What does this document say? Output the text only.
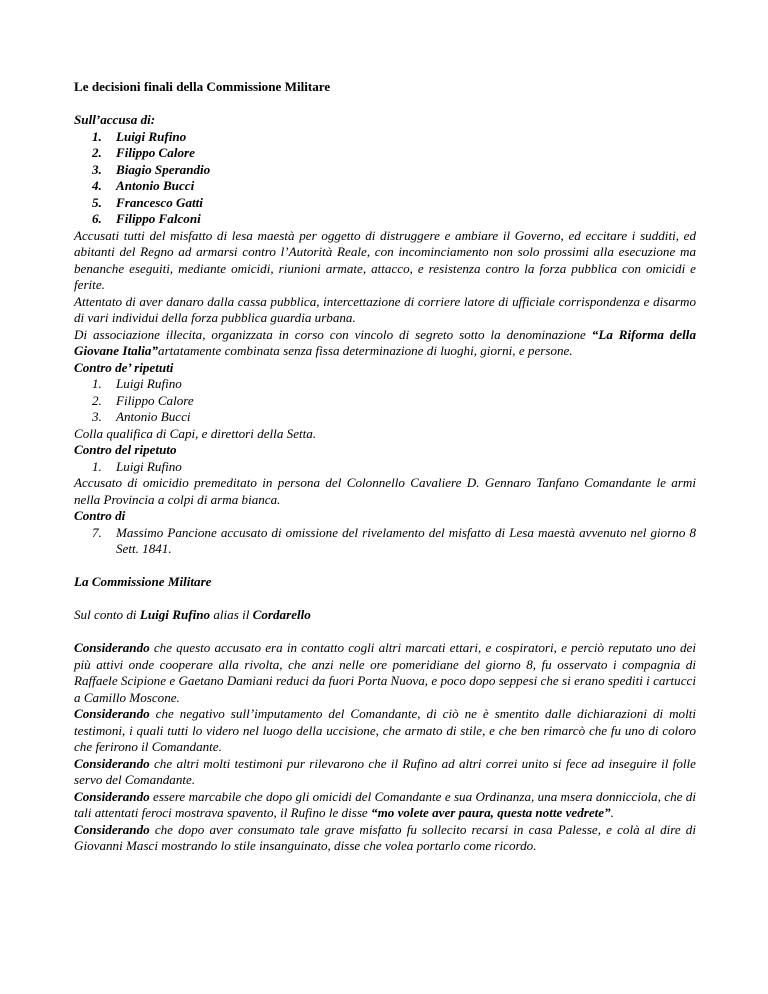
Le decisioni finali della Commissione Militare

Sull’accusa di:

1. Luigi Rufino
2. Filippo Calore
3. Biagio Sperandio
4. Antonio Bucci
5. Francesco Gatti
6. Filippo Falconi

Accusati tutti del misfatto di lesa maestà per oggetto di distruggere e ambiare il Governo, ed eccitare i sudditi, ed abitanti del Regno ad armarsi contro l’Autorità Reale, con incominciamento non solo prossimi alla esecuzione ma benanche eseguiti, mediante omicidi, riunioni armate, attacco, e resistenza contro la forza pubblica con omicidi e ferite.

Attentato di aver danaro dalla cassa pubblica, intercettazione di corriere latore di ufficiale corrispondenza e disarmo di vari individui della forza pubblica guardia urbana.

Di associazione illecita, organizzata in corso con vincolo di segreto sotto la denominazione “La Riforma della Giovane Italia”artatamente combinata senza fissa determinazione di luoghi, giorni, e persone.

Contro de’ ripetuti

1. Luigi Rufino
2. Filippo Calore
3. Antonio Bucci

Colla qualifica di Capi, e direttori della Setta.

Contro del ripetuto

1. Luigi Rufino

Accusato di omicidio premeditato in persona del Colonnello Cavaliere D. Gennaro Tanfano Comandante le armi nella Provincia a colpi di arma bianca.

Contro di

7. Massimo Pancione accusato di omissione del rivelamento del misfatto di Lesa maestà avvenuto nel giorno 8 Sett. 1841.

La Commissione Militare

Sul conto di Luigi Rufino alias il Cordarello

Considerando che questo accusato era in contatto cogli altri marcati ettari, e cospiratori, e perciò reputato uno dei più attivi onde cooperare alla rivolta, che anzi nelle ore pomeridiane del giorno 8, fu osservato i compagnia di Raffaele Scipione e Gaetano Damiani reduci da fuori Porta Nuova, e poco dopo seppesi che si erano spediti i cartucci a Camillo Moscone.

Considerando che negativo sull’imputamento del Comandante, di ciò ne è smentito dalle dichiarazioni di molti testimoni, i quali tutti lo videro nel luogo della uccisione, che armato di stile, e che ben rimarcò che fu uno di coloro che ferirono il Comandante.

Considerando che altri molti testimoni pur rilevarono che il Rufino ad altri correi unito si fece ad inseguire il folle servo del Comandante.

Considerando essere marcabile che dopo gli omicidi del Comandante e sua Ordinanza, una msera donnicciola, che di tali attentati feroci mostrava spavento, il Rufino le disse “mo volete aver paura, questa notte vedrete”.

Considerando che dopo aver consumato tale grave misfatto fu sollecito recarsi in casa Palesse, e colà al dire di Giovanni Masci mostrando lo stile insanguinato, disse che volea portarlo come ricordo.
